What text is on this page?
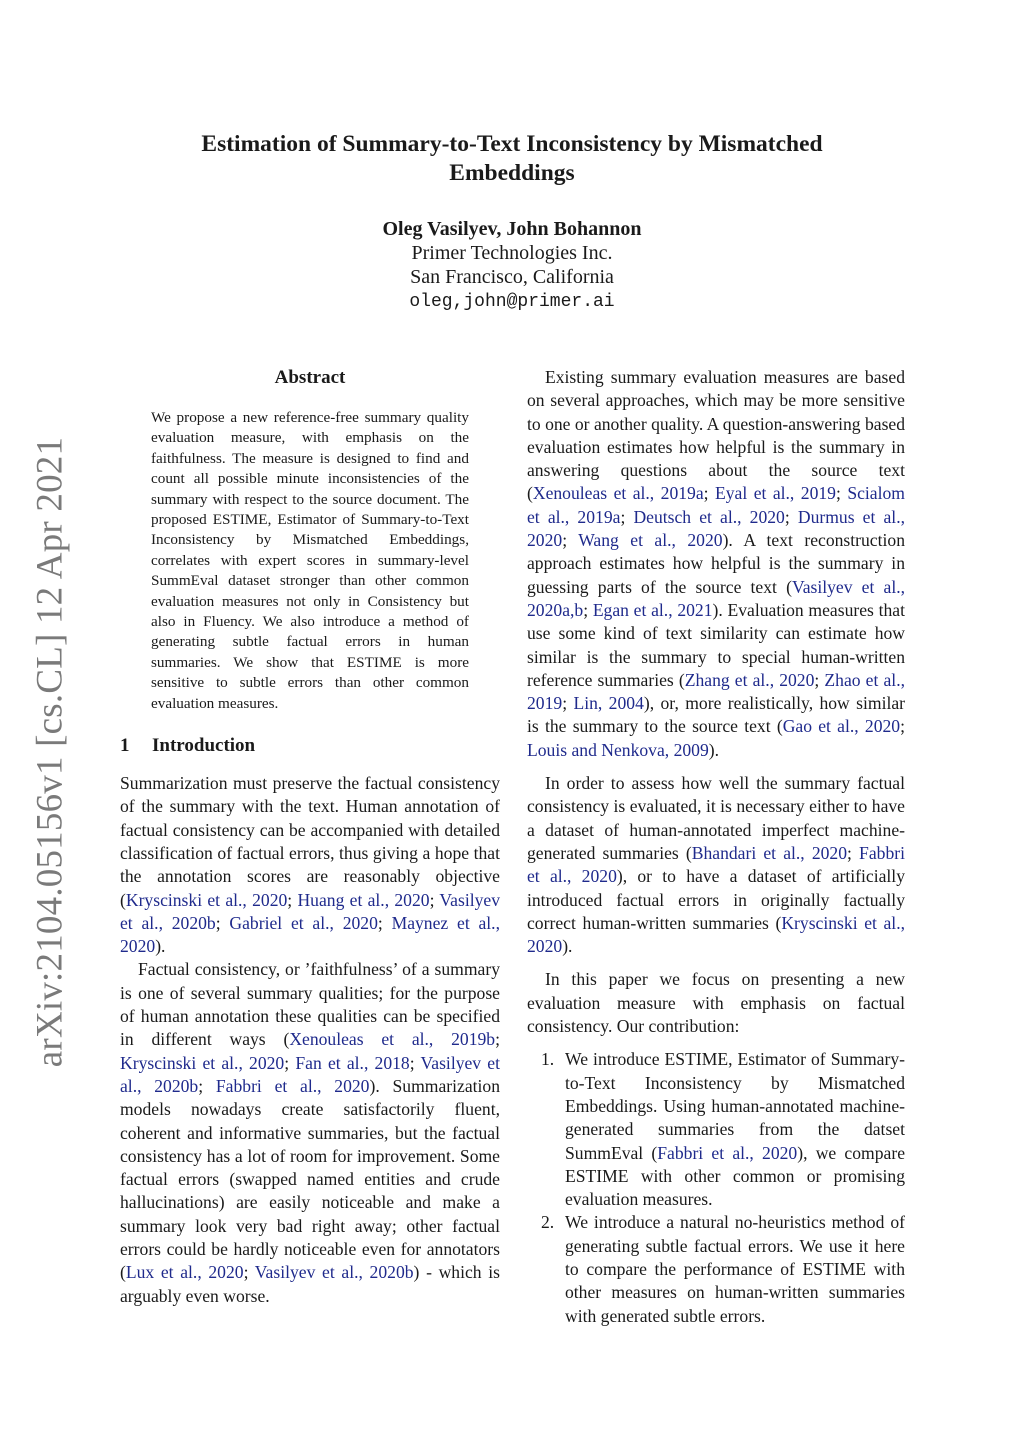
arXiv:2104.05156v1 [cs.CL] 12 Apr 2021
Estimation of Summary-to-Text Inconsistency by Mismatched Embeddings
Oleg Vasilyev, John Bohannon
Primer Technologies Inc.
San Francisco, California
oleg,john@primer.ai
Abstract
We propose a new reference-free summary quality evaluation measure, with emphasis on the faithfulness. The measure is designed to find and count all possible minute inconsistencies of the summary with respect to the source document. The proposed ESTIME, Estimator of Summary-to-Text Inconsistency by Mismatched Embeddings, correlates with expert scores in summary-level SummEval dataset stronger than other common evaluation measures not only in Consistency but also in Fluency. We also introduce a method of generating subtle factual errors in human summaries. We show that ESTIME is more sensitive to subtle errors than other common evaluation measures.
1 Introduction

Summarization must preserve the factual consistency of the summary with the text. Human annotation of factual consistency can be accompanied with detailed classification of factual errors, thus giving a hope that the annotation scores are reasonably objective (Kryscinski et al., 2020; Huang et al., 2020; Vasilyev et al., 2020b; Gabriel et al., 2020; Maynez et al., 2020).

Factual consistency, or ’faithfulness’ of a summary is one of several summary qualities; for the purpose of human annotation these qualities can be specified in different ways (Xenouleas et al., 2019b; Kryscinski et al., 2020; Fan et al., 2018; Vasilyev et al., 2020b; Fabbri et al., 2020). Summarization models nowadays create satisfactorily fluent, coherent and informative summaries, but the factual consistency has a lot of room for improvement. Some factual errors (swapped named entities and crude hallucinations) are easily noticeable and make a summary look very bad right away; other factual errors could be hardly noticeable even for annotators (Lux et al., 2020; Vasilyev et al., 2020b) - which is arguably even worse.

Existing summary evaluation measures are based on several approaches, which may be more sensitive to one or another quality. A question-answering based evaluation estimates how helpful is the summary in answering questions about the source text (Xenouleas et al., 2019a; Eyal et al., 2019; Scialom et al., 2019a; Deutsch et al., 2020; Durmus et al., 2020; Wang et al., 2020). A text reconstruction approach estimates how helpful is the summary in guessing parts of the source text (Vasilyev et al., 2020a,b; Egan et al., 2021). Evaluation measures that use some kind of text similarity can estimate how similar is the summary to special human-written reference summaries (Zhang et al., 2020; Zhao et al., 2019; Lin, 2004), or, more realistically, how similar is the summary to the source text (Gao et al., 2020; Louis and Nenkova, 2009).

In order to assess how well the summary factual consistency is evaluated, it is necessary either to have a dataset of human-annotated imperfect machine-generated summaries (Bhandari et al., 2020; Fabbri et al., 2020), or to have a dataset of artificially introduced factual errors in originally factually correct human-written summaries (Kryscinski et al., 2020).

In this paper we focus on presenting a new evaluation measure with emphasis on factual consistency. Our contribution:

1. We introduce ESTIME, Estimator of Summary-to-Text Inconsistency by Mismatched Embeddings. Using human-annotated machine-generated summaries from the datset SummEval (Fabbri et al., 2020), we compare ESTIME with other common or promising evaluation measures.
2. We introduce a natural no-heuristics method of generating subtle factual errors. We use it here to compare the performance of ESTIME with other measures on human-written summaries with generated subtle errors.
